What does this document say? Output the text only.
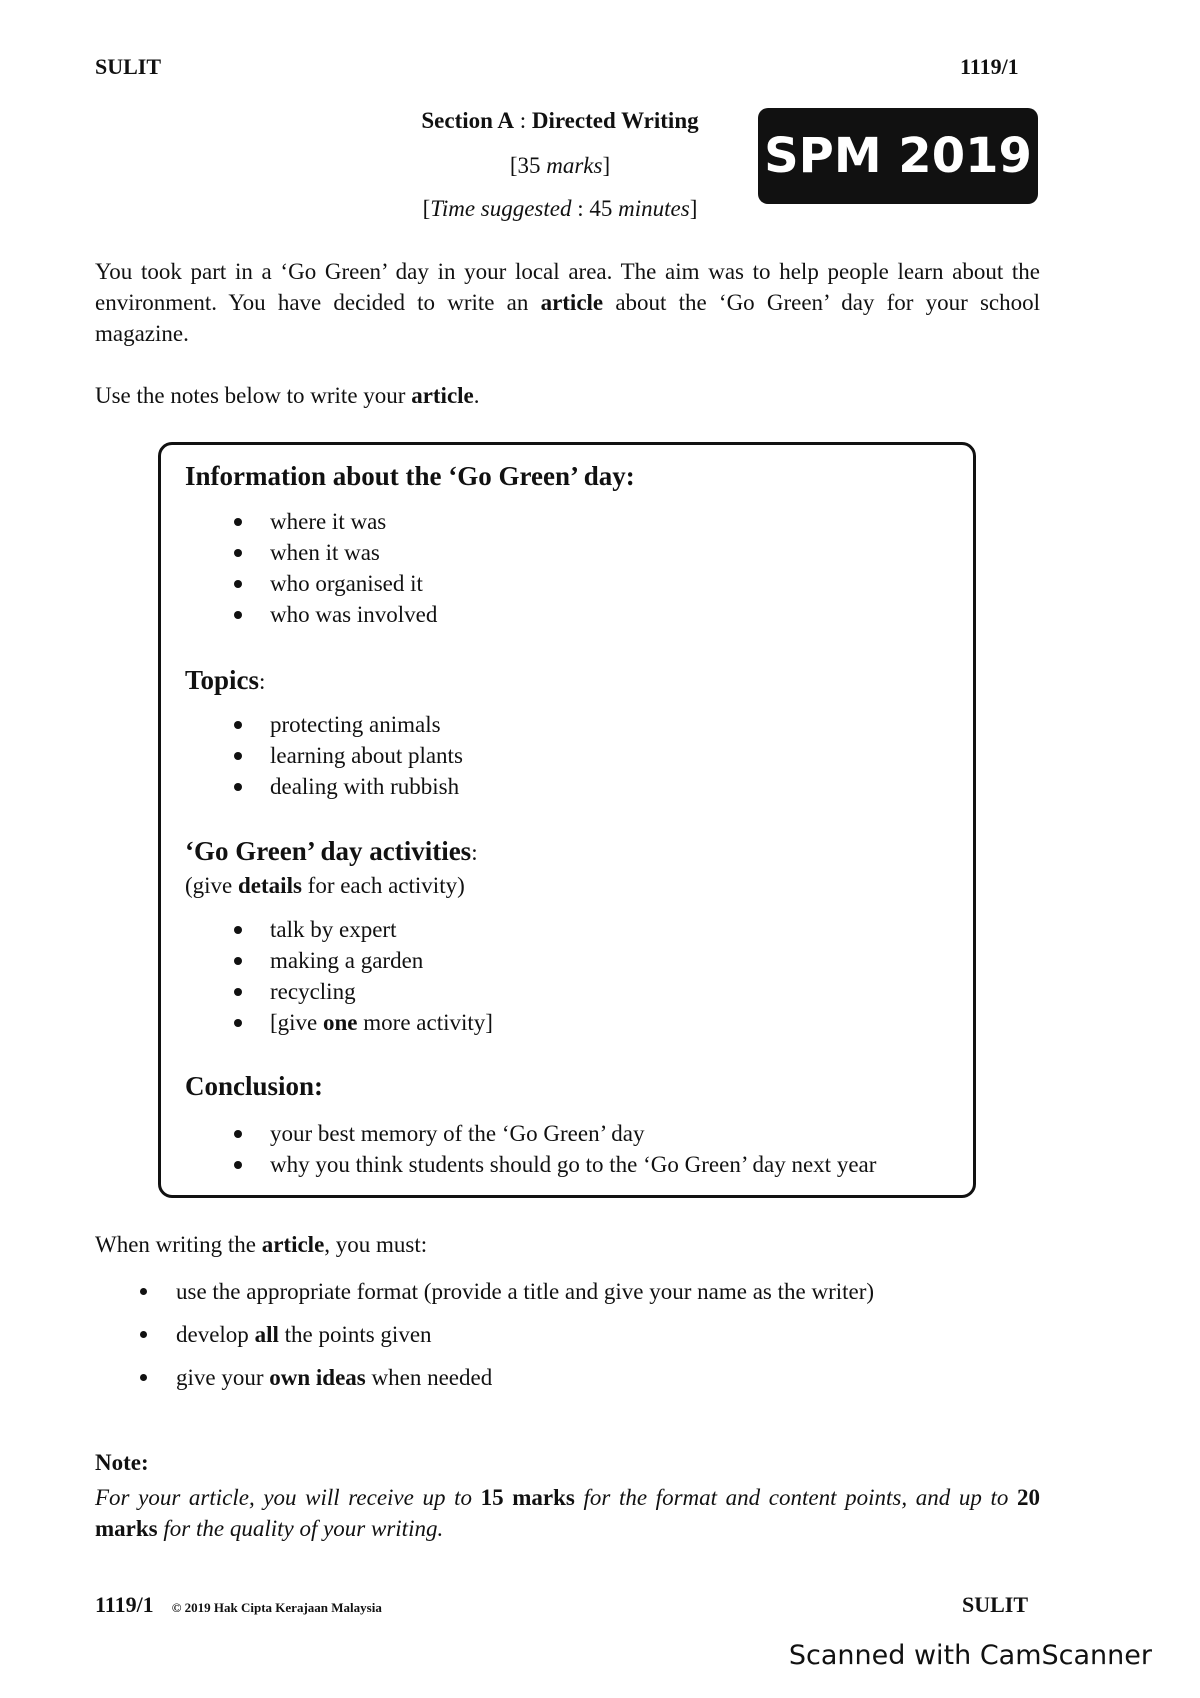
SULIT	1119/1
Section A : Directed Writing
[35 marks]
[Time suggested : 45 minutes]
SPM 2019
You took part in a ‘Go Green’ day in your local area. The aim was to help people learn about the environment. You have decided to write an article about the ‘Go Green’ day for your school magazine.
Use the notes below to write your article.
Information about the ‘Go Green’ day:
where it was
when it was
who organised it
who was involved
Topics:
protecting animals
learning about plants
dealing with rubbish
‘Go Green’ day activities:
(give details for each activity)
talk by expert
making a garden
recycling
[give one more activity]
Conclusion:
your best memory of the ‘Go Green’ day
why you think students should go to the ‘Go Green’ day next year
When writing the article, you must:
use the appropriate format (provide a title and give your name as the writer)
develop all the points given
give your own ideas when needed
Note:
For your article, you will receive up to 15 marks for the format and content points, and up to 20 marks for the quality of your writing.
1119/1 © 2019 Hak Cipta Kerajaan Malaysia	SULIT
Scanned with CamScanner
